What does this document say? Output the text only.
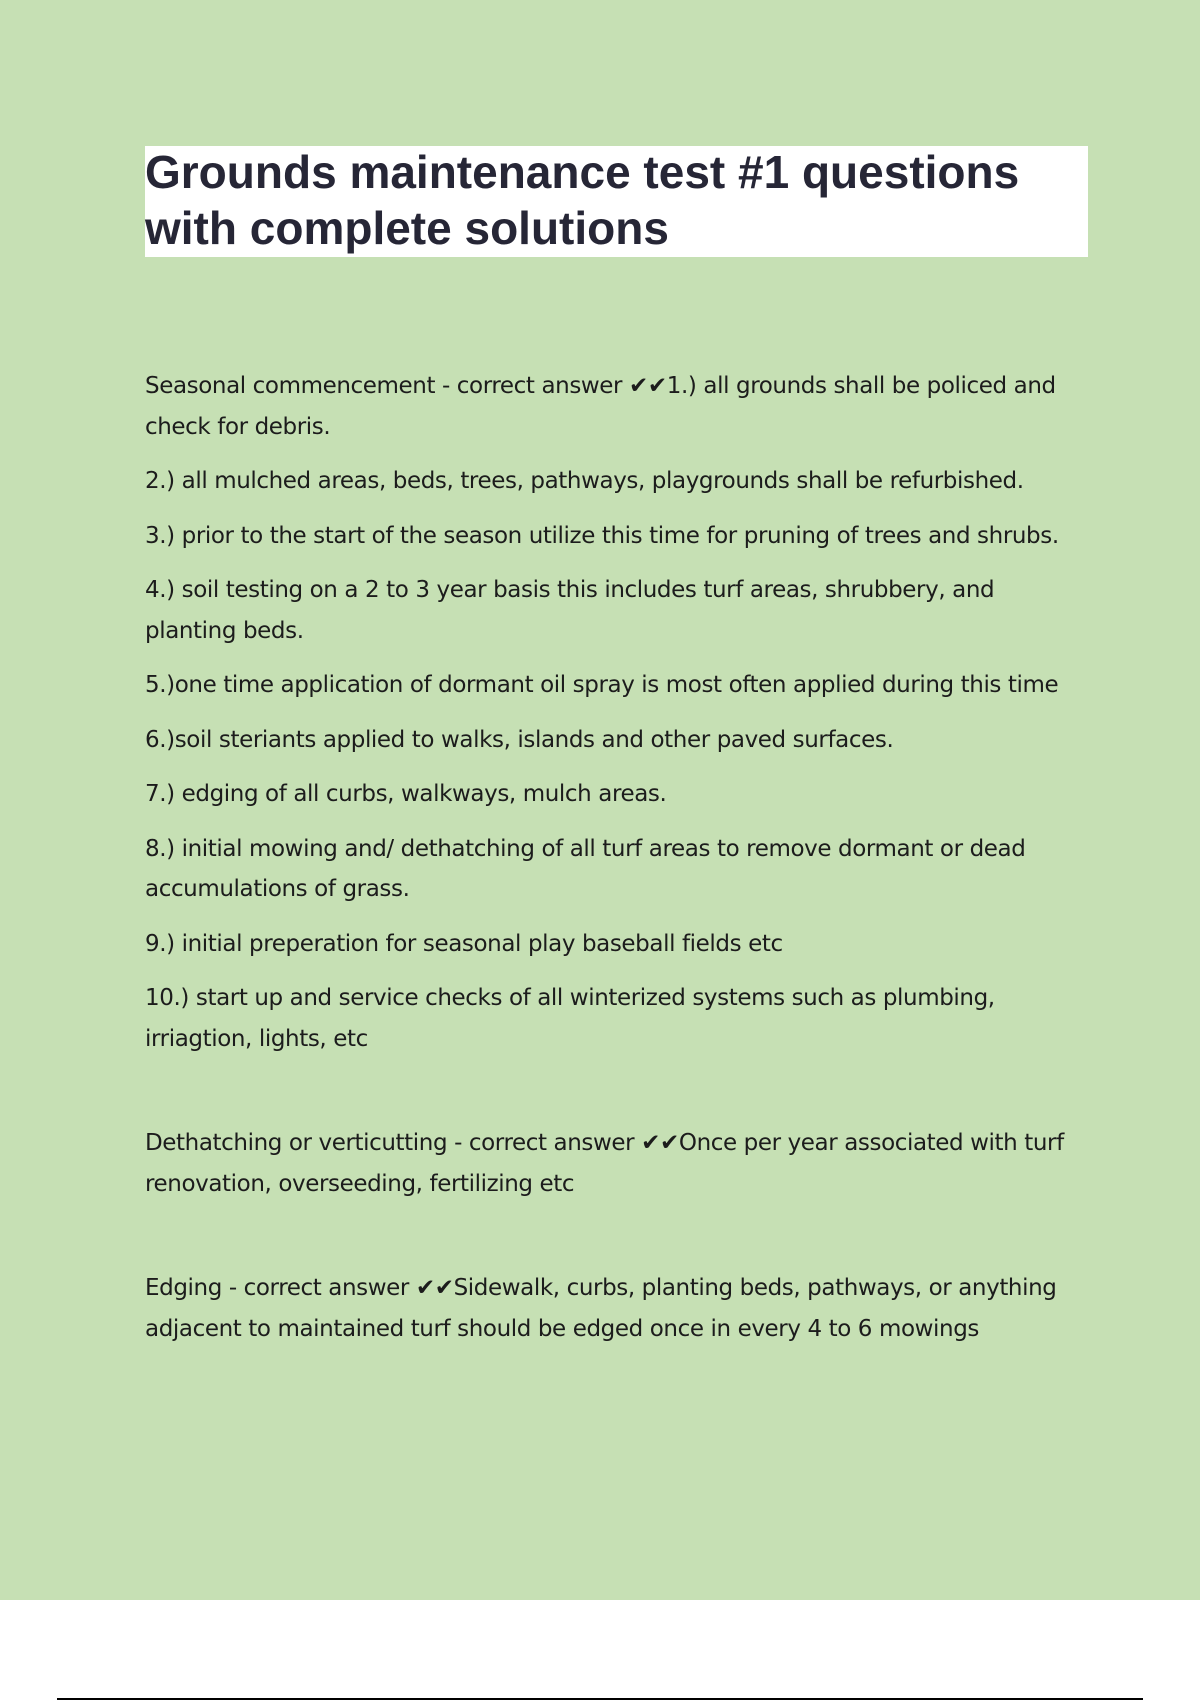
Grounds maintenance test #1 questions with complete solutions

Seasonal commencement - correct answer ✔✔1.) all grounds shall be policed and check for debris.

2.) all mulched areas, beds, trees, pathways, playgrounds shall be refurbished.

3.) prior to the start of the season utilize this time for pruning of trees and shrubs.

4.) soil testing on a 2 to 3 year basis this includes turf areas, shrubbery, and planting beds.

5.)one time application of dormant oil spray is most often applied during this time

6.)soil steriants applied to walks, islands and other paved surfaces.

7.) edging of all curbs, walkways, mulch areas.

8.) initial mowing and/ dethatching of all turf areas to remove dormant or dead accumulations of grass.

9.) initial preperation for seasonal play baseball fields etc

10.) start up and service checks of all winterized systems such as plumbing, irriagtion, lights, etc

Dethatching or verticutting - correct answer ✔✔Once per year associated with turf renovation, overseeding, fertilizing etc

Edging - correct answer ✔✔Sidewalk, curbs, planting beds, pathways, or anything adjacent to maintained turf should be edged once in every 4 to 6 mowings
